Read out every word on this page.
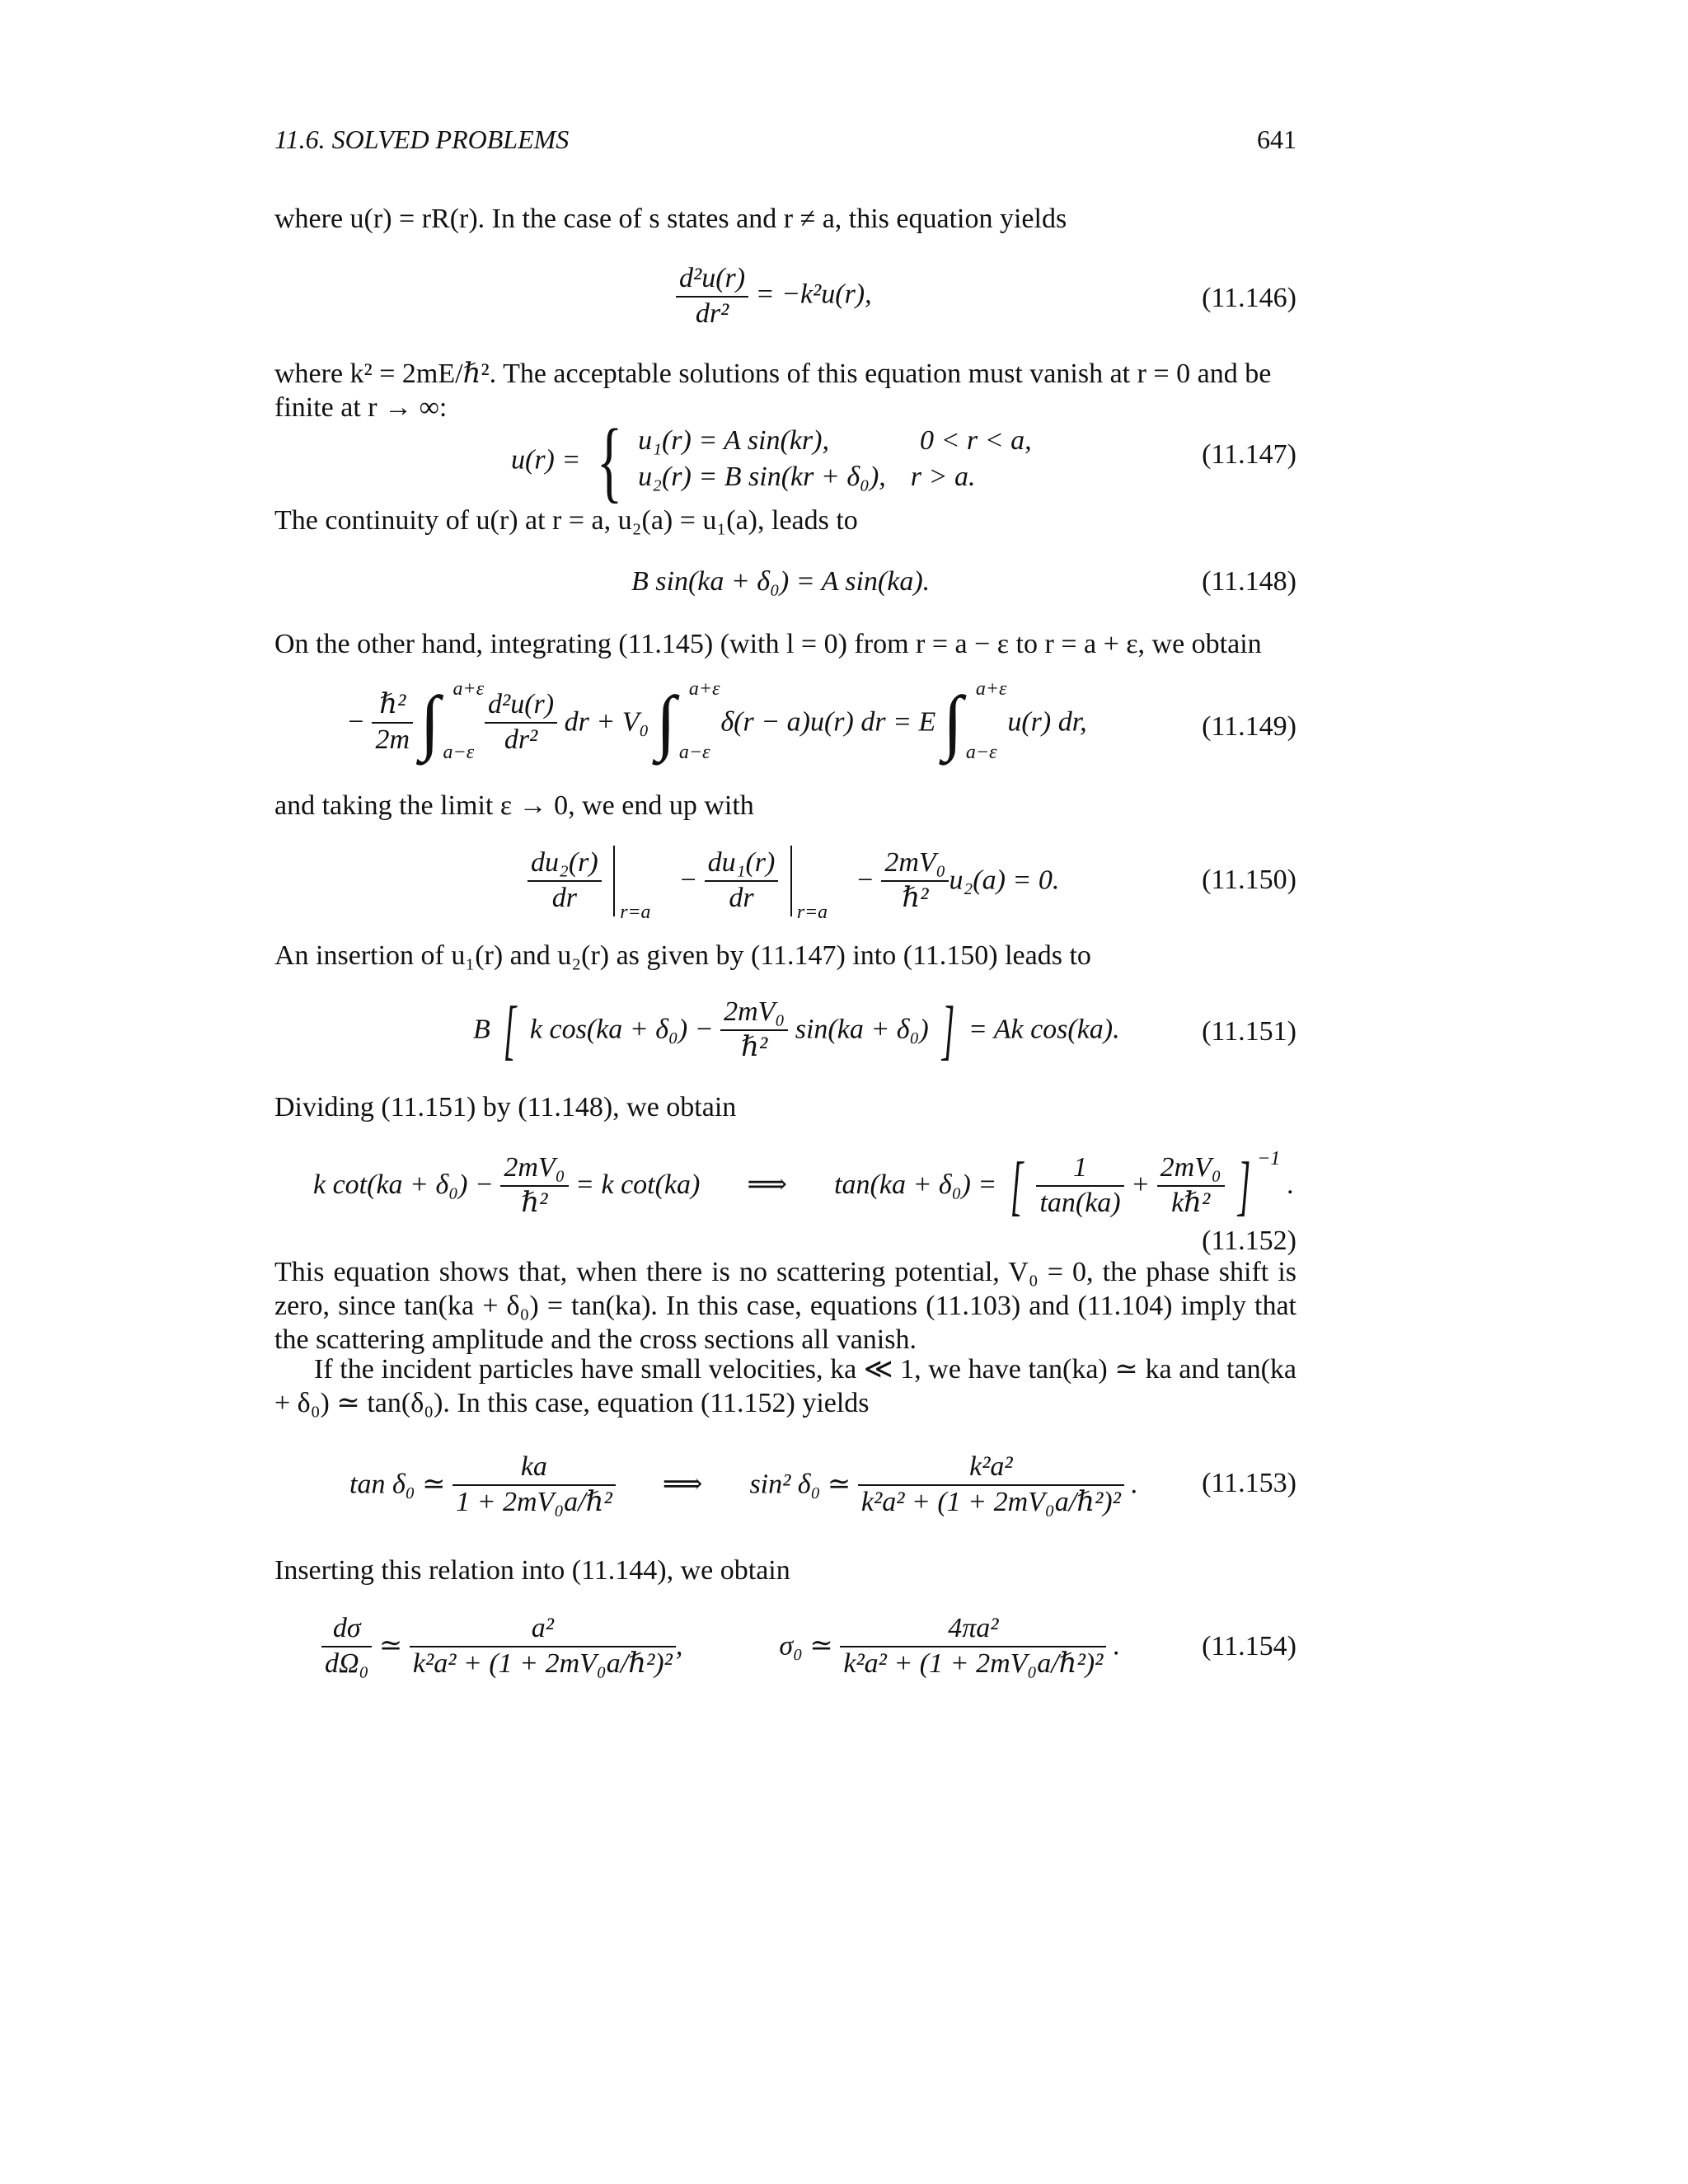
11.6. SOLVED PROBLEMS	641
where u(r) = rR(r). In the case of s states and r ≠ a, this equation yields
$\frac{\text{d²u(r)}}{\text{dr²}} = -k^2u(r)$,	(11.146)
where k² = 2mE/ℏ². The acceptable solutions of this equation must vanish at r = 0 and be
finite at r → ∞:
u(r) = { u₁(r) = A sin(kr),	0 < r < a,
u₂(r) = B sin(kr + δ₀), r > a.
(11.147)
The continuity of u(r) at r = a, u₂(a) = u₁(a), leads to
B sin(ka + δ₀) = A sin(ka).	(11.148)
On the other hand, integrating (11.145) (with l = 0) from r = a − ε to r = a + ε, we obtain
− $\frac{\text{ℏ²}}{2m}$
∫ a+ε
a−ε
$\frac{\text{d²u(r)}}{\text{dr²}}$ dr + V₀ ∫ a+ε
a−ε
δ(r − a)u(r) dr = E ∫ a+ε
a−ε
u(r) dr,	(11.149)
and taking the limit ε → 0, we end up with
$\frac{\text{du₂(r)}}{dr}$
r=a
− $\frac{\text{du₁(r)}}{dr}$
r=a
− $\frac{\text{2mV₀}}{\text{ℏ²}} u_2(a) = 0$.	(11.150)
An insertion of u₁(r) and u₂(r) as given by (11.147) into (11.150) leads to
B [ k $\cos(ka + \delta_0) - \frac{\text{2mV₀}}{\text{ℏ²}} \sin(ka + \delta_0)$ ] = Ak cos(ka).	(11.151)
Dividing (11.151) by (11.148), we obtain
k $\cot(ka + \delta_0) - \frac{\text{2mV₀}}{\text{ℏ²}} = k$ cot(ka) ⟹ tan(ka + δ₀) = [ $\frac{1}{\tan(ka)} + \frac{\text{2mV₀}}{\text{kℏ²}}$ ] $^{-1}$ .
(11.152)
This equation shows that, when there is no scattering potential, V₀ = 0, the phase shift is zero, since tan(ka + δ₀) = tan(ka). In this case, equations (11.103) and (11.104) imply that the scattering amplitude and the cross sections all vanish.
If the incident particles have small velocities, ka ≪ 1, we have tan(ka) ≃ ka and tan(ka + δ₀) ≃ tan(δ₀). In this case, equation (11.152) yields
tan δ₀ ≃ $\frac{ka}{\text{1 + 2mV₀a/ℏ²}}$ ⟹ sin² δ₀ ≃ $\frac{\text{k²a²}}{\text{k²a² + (1 + 2mV₀a/ℏ²)²}}$ . (11.153)
Inserting this relation into (11.144), we obtain
$\frac{d\sigma}{\text{dΩ₀}}$ ≃ $\frac{\text{a²}}{\text{k²a² + (1 + 2mV₀a/ℏ²)²}}$ ,	σ₀ ≃ $\frac{\text{4πa²}}{\text{k²a² + (1 + 2mV₀a/ℏ²)²}}$ .	(11.154)
